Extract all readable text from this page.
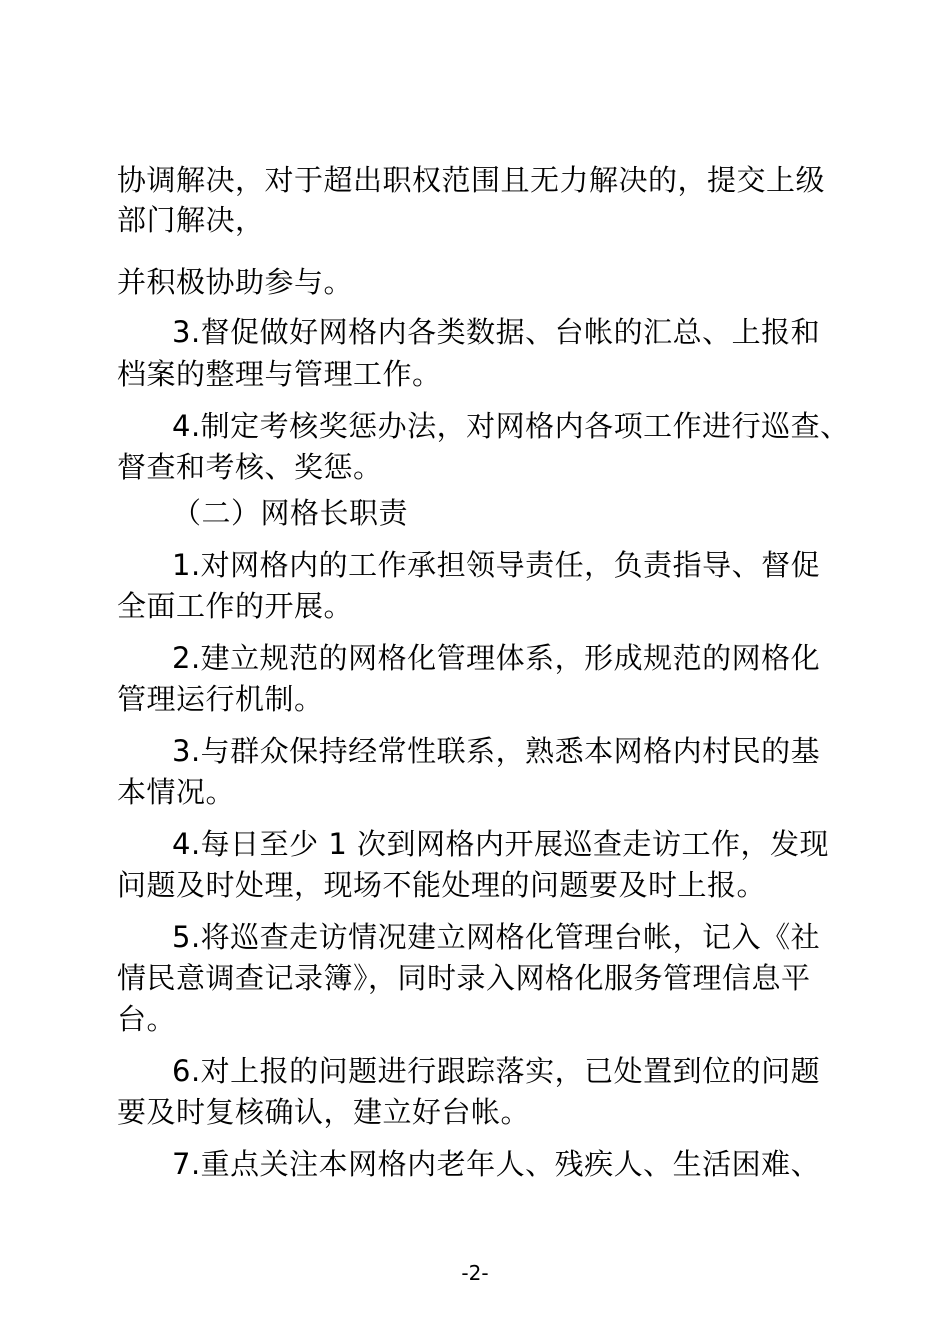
协调解决，对于超出职权范围且无力解决的，提交上级
部门解决，
并积极协助参与。
3.督促做好网格内各类数据、台帐的汇总、上报和
档案的整理与管理工作。
4.制定考核奖惩办法，对网格内各项工作进行巡查、
督查和考核、奖惩。
（二）网格长职责
1.对网格内的工作承担领导责任，负责指导、督促
全面工作的开展。
2.建立规范的网格化管理体系，形成规范的网格化
管理运行机制。
3.与群众保持经常性联系，熟悉本网格内村民的基
本情况。
4.每日至少 1 次到网格内开展巡查走访工作，发现
问题及时处理，现场不能处理的问题要及时上报。
5.将巡查走访情况建立网格化管理台帐，记入《社
情民意调查记录簿》，同时录入网格化服务管理信息平
台。
6.对上报的问题进行跟踪落实，已处置到位的问题
要及时复核确认，建立好台帐。
7.重点关注本网格内老年人、残疾人、生活困难、
-2-
